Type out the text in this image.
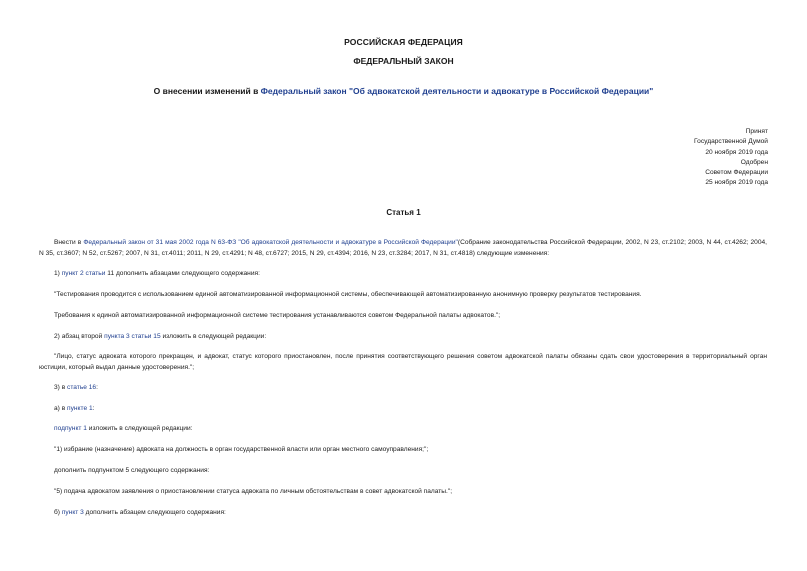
РОССИЙСКАЯ ФЕДЕРАЦИЯ
ФЕДЕРАЛЬНЫЙ ЗАКОН
О внесении изменений в Федеральный закон "Об адвокатской деятельности и адвокатуре в Российской Федерации"
Принят
Государственной Думой
20 ноября 2019 года
Одобрен
Советом Федерации
25 ноября 2019 года
Статья 1
Внести в Федеральный закон от 31 мая 2002 года N 63-ФЗ "Об адвокатской деятельности и адвокатуре в Российской Федерации"(Собрание законодательства Российской Федерации, 2002, N 23, ст.2102; 2003, N 44, ст.4262; 2004, N 35, ст.3607; N 52, ст.5267; 2007, N 31, ст.4011; 2011, N 29, ст.4291; N 48, ст.6727; 2015, N 29, ст.4394; 2016, N 23, ст.3284; 2017, N 31, ст.4818) следующие изменения:
1) пункт 2 статьи 11 дополнить абзацами следующего содержания:
"Тестирования проводится с использованием единой автоматизированной информационной системы, обеспечивающей автоматизированную анонимную проверку результатов тестирования.
Требования к единой автоматизированной информационной системе тестирования устанавливаются советом Федеральной палаты адвокатов.";
2) абзац второй пункта 3 статьи 15 изложить в следующей редакции:
"Лицо, статус адвоката которого прекращен, и адвокат, статус которого приостановлен, после принятия соответствующего решения советом адвокатской палаты обязаны сдать свои удостоверения в территориальный орган юстиции, который выдал данные удостоверения.";
3) в статье 16:
а) в пункте 1:
подпункт 1 изложить в следующей редакции:
"1) избрание (назначение) адвоката на должность в орган государственной власти или орган местного самоуправления;";
дополнить подпунктом 5 следующего содержания:
"5) подача адвокатом заявления о приостановлении статуса адвоката по личным обстоятельствам в совет адвокатской палаты.";
б) пункт 3 дополнить абзацем следующего содержания:
